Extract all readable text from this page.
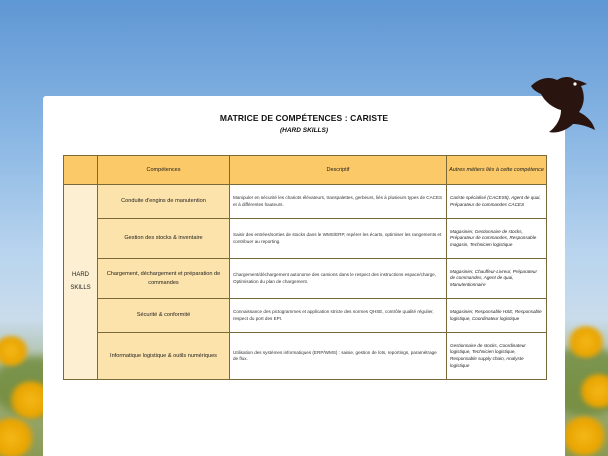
MATRICE DE COMPÉTENCES : CARISTE
(HARD SKILLS)
	Compétences	Descriptif	Autres métiers liés à cette compétence
HARD SKILLS	Conduite d'engins de manutention	Manipuler en sécurité les chariots élévateurs, transpalettes, gerbeurs, liés à plusieurs types de CACES et à différentes hauteurs.	Cariste spécialisé (CACES5), Agent de quai, Préparateur de commandes CACES
	Gestion des stocks & inventaire	Saisir des entrées/sorties de stocks dans le WMS/ERP, repérer les écarts, optimiser les rangements et contribuer au reporting.	Magasinier, Gestionnaire de stocks, Préparateur de commandes, Responsable magasin, Technicien logistique
	Chargement, déchargement et préparation de commandes	Chargement/déchargement autonome des camions dans le respect des instructions espace/charge, Optimisation du plan de chargement.	Magasinier, Chauffeur-Livreur, Préparateur de commandes, Agent de quai, Manutentionnaire
	Sécurité & conformité	Connaissance des pictogrammes et application stricte des normes QHSE, contrôle qualité régulier, respect du port des EPI.	Magasinier, Responsable HSE, Responsable logistique, Coordinateur logistique
	Informatique logistique & outils numériques	Utilisation des systèmes informatiques (ERP/WMS) : saisie, gestion de lots, reportings, paramétrage de flux.	Gestionnaire de stocks, Coordinateur logistique, Technicien logistique, Responsable supply chain, Analyste logistique
